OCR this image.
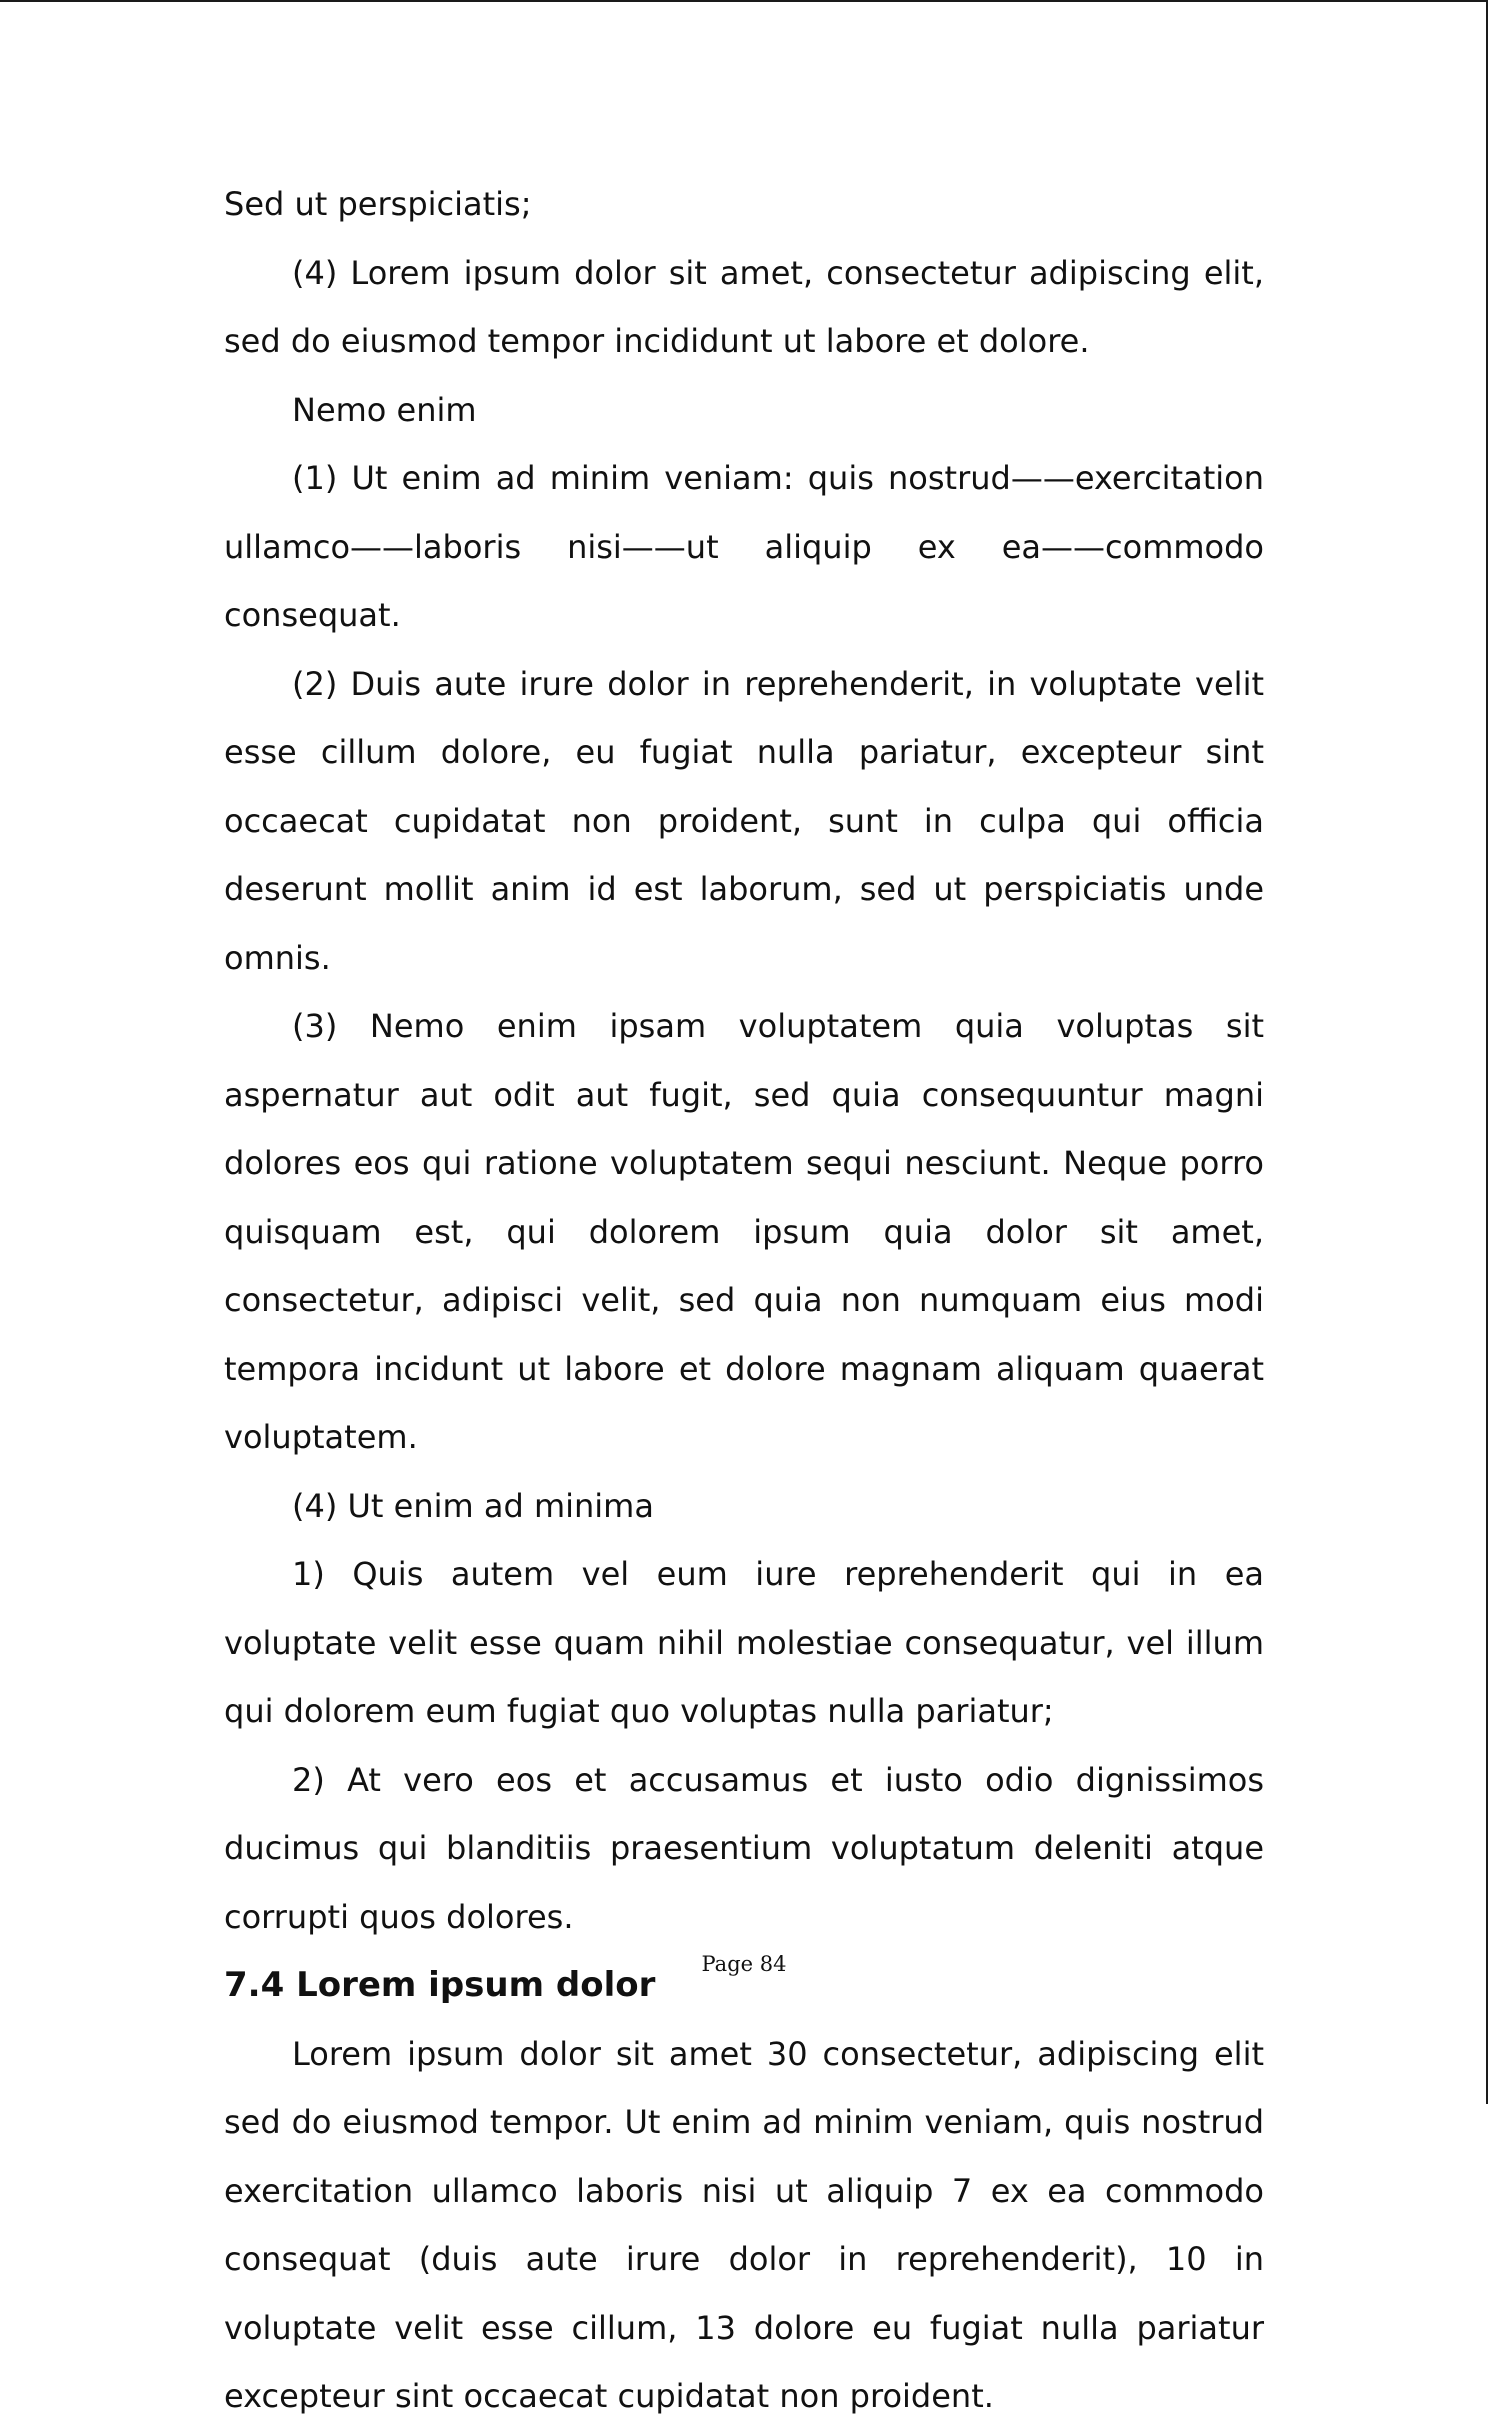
Sed ut perspiciatis;

(4) Lorem ipsum dolor sit amet, consectetur adipiscing elit, sed do eiusmod tempor incididunt ut labore et dolore.

Nemo enim

(1) Ut enim ad minim veniam: quis nostrud——exercitation ullamco——laboris nisi——ut aliquip ex ea——commodo consequat.

(2) Duis aute irure dolor in reprehenderit, in voluptate velit esse cillum dolore, eu fugiat nulla pariatur, excepteur sint occaecat cupidatat non proident, sunt in culpa qui officia deserunt mollit anim id est laborum, sed ut perspiciatis unde omnis.

(3) Nemo enim ipsam voluptatem quia voluptas sit aspernatur aut odit aut fugit, sed quia consequuntur magni dolores eos qui ratione voluptatem sequi nesciunt. Neque porro quisquam est, qui dolorem ipsum quia dolor sit amet, consectetur, adipisci velit, sed quia non numquam eius modi tempora incidunt ut labore et dolore magnam aliquam quaerat voluptatem.

(4) Ut enim ad minima

1) Quis autem vel eum iure reprehenderit qui in ea voluptate velit esse quam nihil molestiae consequatur, vel illum qui dolorem eum fugiat quo voluptas nulla pariatur;

2) At vero eos et accusamus et iusto odio dignissimos ducimus qui blanditiis praesentium voluptatum deleniti atque corrupti quos dolores.

7.4 Lorem ipsum dolor

Lorem ipsum dolor sit amet 30 consectetur, adipiscing elit sed do eiusmod tempor. Ut enim ad minim veniam, quis nostrud exercitation ullamco laboris nisi ut aliquip 7 ex ea commodo consequat (duis aute irure dolor in reprehenderit), 10 in voluptate velit esse cillum, 13 dolore eu fugiat nulla pariatur excepteur sint occaecat cupidatat non proident.

Page 84
